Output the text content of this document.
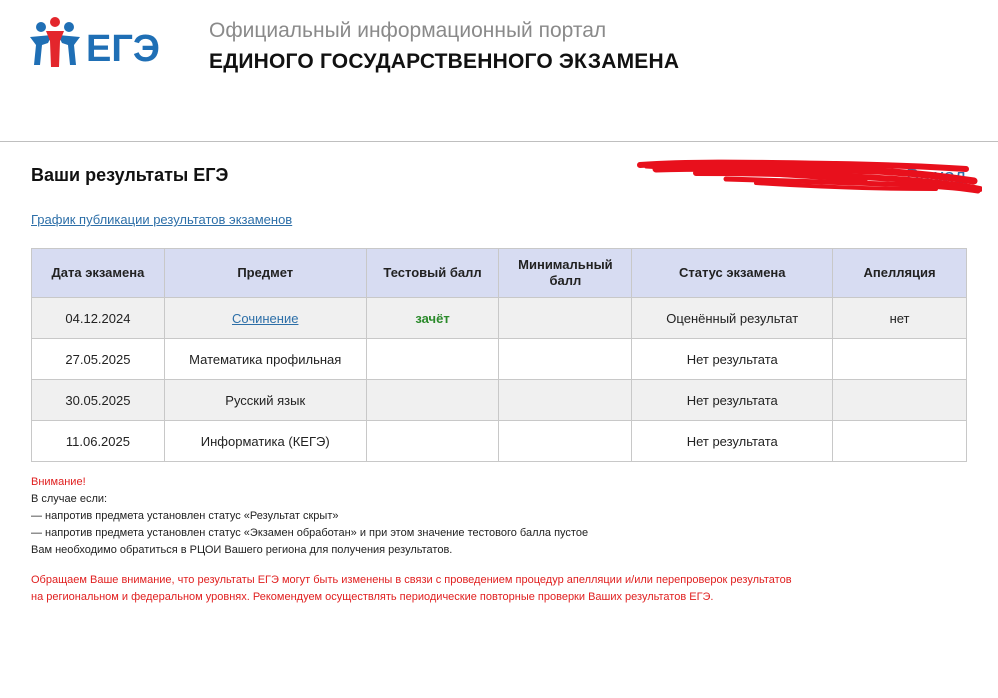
ЕГЭ Официальный информационный портал
ЕДИНОГО ГОСУДАРСТВЕННОГО ЭКЗАМЕНА
Ваши результаты ЕГЭ	Выход
График публикации результатов экзаменов
Дата экзамена	Предмет	Тестовый балл	Минимальный балл	Статус экзамена	Апелляция
04.12.2024	Сочинение	зачёт		Оценённый результат	нет
27.05.2025	Математика профильная			Нет результата	
30.05.2025	Русский язык			Нет результата	
11.06.2025	Информатика (КЕГЭ)			Нет результата	
Внимание!
В случае если:
— напротив предмета установлен статус «Результат скрыт»
— напротив предмета установлен статус «Экзамен обработан» и при этом значение тестового балла пустое
Вам необходимо обратиться в РЦОИ Вашего региона для получения результатов.
Обращаем Ваше внимание, что результаты ЕГЭ могут быть изменены в связи с проведением процедур апелляции и/или перепроверок результатов
на региональном и федеральном уровнях. Рекомендуем осуществлять периодические повторные проверки Ваших результатов ЕГЭ.
